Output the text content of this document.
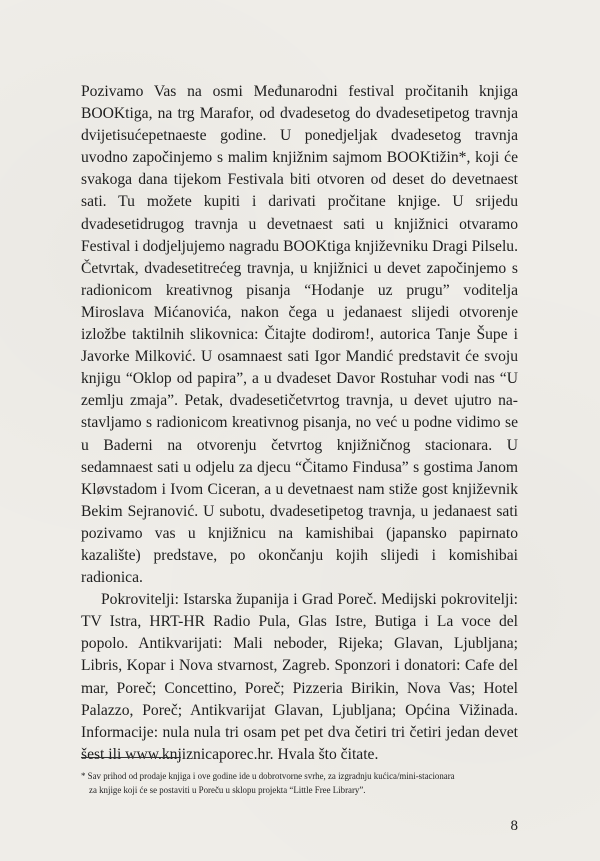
Pozivamo Vas na osmi Međunarodni festival pročitanih knjiga BOOKtiga, na trg Marafor, od dvadesetog do dvadesetipetog travnja dvijetisućepetnaeste godine. U ponedjeljak dvadesetog travnja uvodno započinjemo s malim knjižnim sajmom BOOKtižin*, koji će svakoga dana tijekom Festivala biti otvoren od deset do devetnaest sati. Tu možete kupiti i darivati pročitane knjige. U srijedu dvadesetidrugog travnja u devetnaest sati u knjižnici otvaramo Festival i dodjeljujemo nagradu BOOKtiga književniku Dragi Pilselu. Četvrtak, dvadesetitrećeg travnja, u knjižnici u devet započinjemo s radionicom kreativnog pisanja “Hodanje uz prugu” voditelja Miroslava Mićanovića, nakon čega u jedanaest slijedi otvorenje izložbe taktilnih slikovnica: Čitajte dodirom!, autorica Tanje Šupe i Javorke Milković. U osamnaest sati Igor Mandić predstavit će svoju knjigu “Oklop od papira”, a u dvadeset Davor Rostuhar vodi nas “U zemlju zmaja”. Petak, dvadesetičetvrtog travnja, u devet ujutro nastavljamo s radionicom kreativnog pisanja, no već u podne vidimo se u Baderni na otvorenju četvrtog knjižničnog stacionara. U sedamnaest sati u odjelu za djecu “Čitamo Findusa” s gostima Janom Kløvstadom i Ivom Ciceran, a u devetnaest nam stiže gost književnik Bekim Sejranović. U subotu, dvadesetipetog travnja, u jedanaest sati pozivamo vas u knjižnicu na kamishibai (japansko papirnato kazalište) predstave, po okončanju kojih slijedi i komishibai radionica.

Pokrovitelji: Istarska županija i Grad Poreč. Medijski pokrovitelji: TV Istra, HRT-HR Radio Pula, Glas Istre, Butiga i La voce del popolo. Antikvarijati: Mali neboder, Rijeka; Glavan, Ljubljana; Libris, Kopar i Nova stvarnost, Zagreb. Sponzori i donatori: Cafe del mar, Poreč; Concettino, Poreč; Pizzeria Birikin, Nova Vas; Hotel Palazzo, Poreč; Antikvarijat Glavan, Ljubljana; Općina Vižinada. Informacije: nula nula tri osam pet pet dva četiri tri četiri jedan devet šest ili www.knjiznicaporec.hr. Hvala što čitate.

* Sav prihod od prodaje knjiga i ove godine ide u dobrotvorne svrhe, za izgradnju kućica/mini-stacionara
za knjige koji će se postaviti u Poreču u sklopu projekta “Little Free Library”.
8
